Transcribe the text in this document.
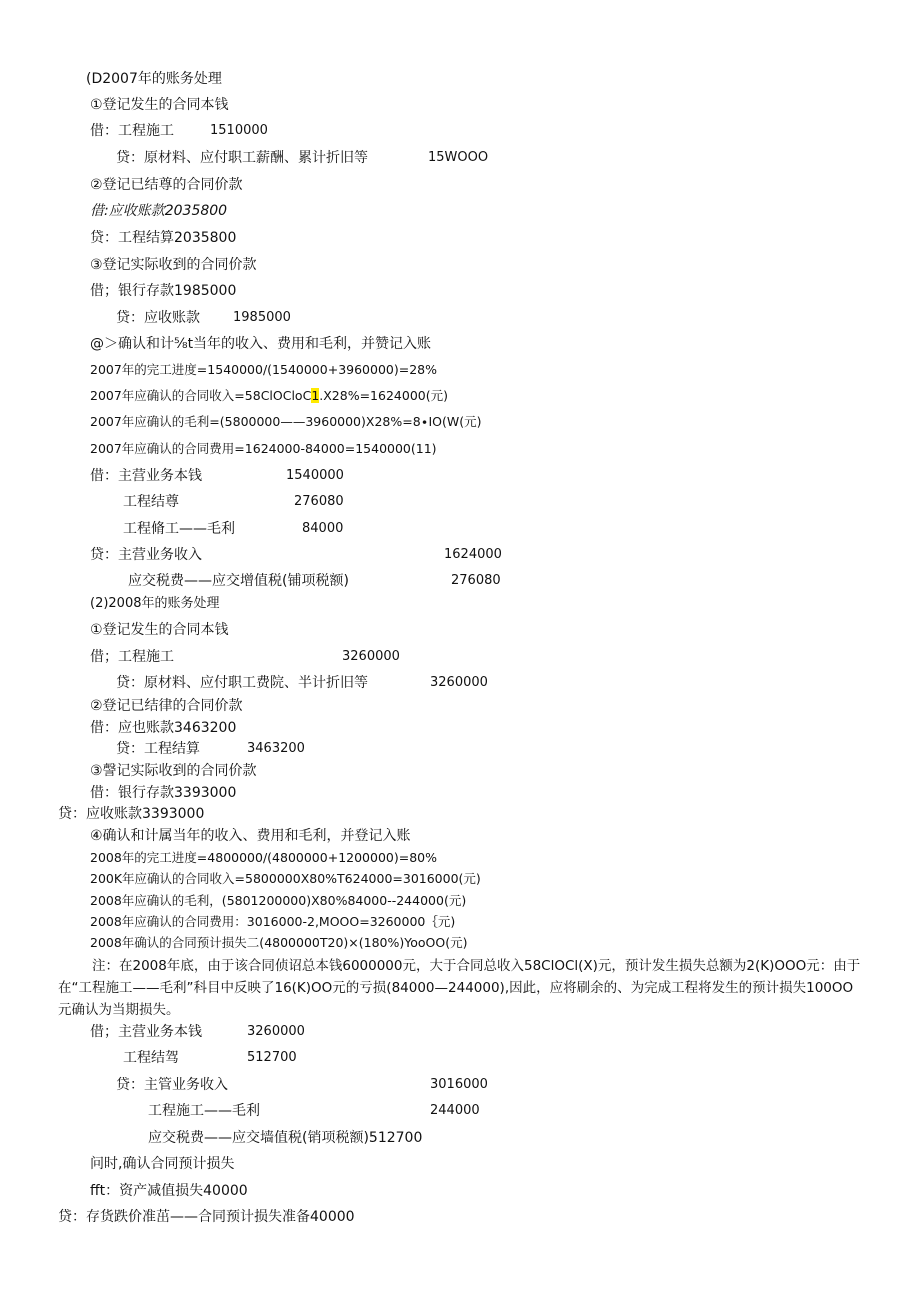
(D2007年的账务处理
①登记发生的合同本钱
借：工程施工	1510000
贷：原材料、应付职工薪酬、累计折旧等	15WOOO
②登记已结尊的合同价款
借:应收账款2035800
贷：工程结算2035800
③登记实际收到的合同价款
借；银行存款1985000
贷：应收账款	1985000
@＞确认和计⅝t当年的收入、费用和毛利，并赞记入账
2007年的完工进度=1540000/(1540000+3960000)=28%
2007年应确认的合同收入=58ClOClоC1.X28%=1624000(元)
2007年应确认的毛利=(5800000——3960000)X28%=8∙IO(W(元)
2007年应确认的合同费用=1624000-84000=1540000(11)
借：主营业务本钱	1540000
工程结尊	276080
工程脩工——毛利	84000
贷：主营业务收入	1624000
应交税费——应交增值税(铺项税额)	276080
(2)2008年的账务处理
①登记发生的合同本钱
借；工程施工	3260000
贷：原材料、应付职工费院、半计折旧等	3260000
②登记已结律的合同价款
借：应也账款3463200
贷：工程结算	3463200
③謦记实际收到的合同价款
借：银行存款3393000
贷：应收账款3393000
④确认和计属当年的收入、费用和毛利，并登记入账
2008年的完工进度=4800000/(4800000+1200000)=80%
200K年应确认的合同收入=5800000X80%T624000=3016000(元)
2008年应确认的毛利，(5801200000)X80%84000--244000(元)
2008年应确认的合同费用：3016000-2,MOOO=3260000｛元)
2008年确认的合同预计损失二(4800000T20)×(180%)YooOO(元)
注：在2008年底，由于该合同侦诏总本钱6000000元，大于合同总收入58ClOCl(X)元，预计发生损失总额为2(K)OOO元：由于在“工程施工——毛利”科目中反映了16(K)OO元的亏损(84000—244000),因此，应将刷余的、为完成工程将发生的预计损失100OO元确认为当期损失。
借；主营业务本钱	3260000
工程结驾	512700
贷：主管业务收入	3016000
工程施工——毛利	244000
应交税费——应交墙值税(销项税额)512700
问时,确认合同预计损失
fft：资产减值损失40000
贷：存货跌价准茁——合同预计损失准备40000
